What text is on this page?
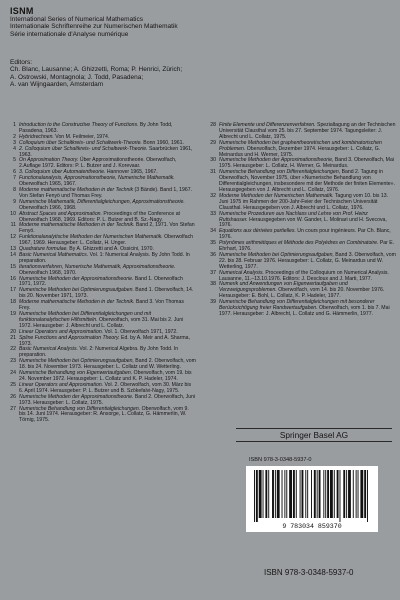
ISNM
International Series of Numerical Mathematics
Internationale Schriftenreihe zur Numerischen Mathematik
Série internationale d'Analyse numérique
Editors:
Ch. Blanc, Lausanne; A. Ghizzetti, Roma; P. Henrici, Zürich;
A. Ostrowski, Montagnola; J. Todd, Pasadena;
A. van Wijngaarden, Amsterdam

1 Introduction to the Constructive Theory of Functions. By John Todd, Pasadena, 1963.

2 Hybridrechnen. Von M. Feilmeier, 1974.

3 Colloquium über Schaltkreis- und Schaltwerk-Theorie. Bonn 1960, 1961.

4 2. Colloquium über Schaltkreis- und Schaltwerk-Theorie. Saarbrücken 1961, 1963.

5 On Approximation Theory. Über Approximationstheorie. Oberwolfach, 2.Auflage 1972. Editors: P. L. Butzer and J. Korevaar.

6 3. Colloquium über Automatentheorie. Hannover 1965, 1967.

7 Functionalanalysis, Approximationstheorie, Numerische Mathematik. Oberwolfach 1965, 1967.

8 Moderne mathematische Methoden in der Technik (3 Bände). Band 1, 1967. Von Stefan Fenyö und Thomas Frey.

9 Numerische Mathematik, Differentialgleichungen, Approximationstheorie. Oberwolfach 1966, 1968.

10 Abstract Spaces and Approximation. Proceedings of the Conference at Oberwolfach 1968, 1969. Editors: P. L. Butzer and B. Sz.-Nagy.

11 Moderne mathematische Methoden in der Technik. Band 2, 1971. Von Stefan Fenyö.

12 Funktionalanalytische Methoden der Numerischen Mathematik. Oberwolfach 1967, 1969. Herausgeber: L. Collatz, H. Unger.

13 Quadrature formulae. By A. Ghizzetti and A. Ossicini, 1970.

14 Basic Numerical Mathematics. Vol. 1: Numerical Analysis. By John Todd. In preparation.

15 Iterationsverfahren, Numerische Mathematik, Approximationstheorie. Oberwolfach 1968, 1970.

16 Numerische Methoden der Approximationstheorie. Band 1. Oberwolfach 1971, 1972.

17 Numerische Methoden bei Optimierungsaufgaben. Band 1. Oberwolfach, 14. bis 20. November 1971, 1973.

18 Moderne mathematische Methoden in der Technik. Band 3. Von Thomas Frey.

19 Numerische Methoden bei Differentialgleichungen und mit funktionalanalytischen Hilfsmitteln. Oberwolfach, vom 31. Mai bis 2. Juni 1972. Herausgeber: J. Albrecht und L. Collatz.

20 Linear Operators and Approximation. Vol. 1. Oberwolfach 1971, 1972.

21 Spline Functions and Approximation Theory. Ed. by A. Meir and A. Sharma, 1973.

22 Basic Numerical Analysis. Vol. 2: Numerical Algebra. By John Todd. In preparation.

23 Numerische Methoden bei Optimierungsaufgaben, Band 2. Oberwolfach, vom 18. bis 24. November 1973. Herausgeber: L. Collatz und W. Wetterling.

24 Numerische Behandlung von Eigenwertaufgaben. Oberwolfach, vom 19. bis 24. November 1972. Herausgeber: L. Collatz und K. P. Hadeler, 1974.

25 Linear Operators and Approximation. Vol. 2. Oberwolfach, vom 30. März bis 6. April 1974. Herausgeber: P. L. Butzer und B. Szökefalvi-Nagy, 1975.

26 Numerische Methoden der Approximationstheorie. Band 2. Oberwolfach, Juni 1973. Herausgeber: L. Collatz, 1975.

27 Numerische Behandlung von Differentialgleichungen. Oberwolfach, vom 9. bis 14. Juni 1974. Herausgeber: R. Ansorge, L. Collatz, G. Hämmerlin, W. Törnig, 1975.

28 Finite Elemente und Differenzenverfahren. Spezialtagung an der Technischen Universität Clausthal vom 25. bis 27. September 1974. Tagungsleiter: J. Albrecht und L. Collatz, 1975.

29 Numerische Methoden bei graphentheoretischen und kombinatorischen Problemen. Oberwolfach, Dezember 1974. Herausgeber: L. Collatz, G. Meinardus und H. Werner, 1975.

30 Numerische Methoden der Approximationstheorie, Band 3. Oberwolfach, Mai 1975. Herausgeber: L. Collatz, H. Werner, G. Meinardus.

31 Numerische Behandlung von Differentialgleichungen, Band 2. Tagung in Oberwolfach, November 1975, über «Numerische Behandlung von Differentialgleichungen, insbesondere mit der Methode der finiten Elemente». Herausgegeben von J. Albrecht und L. Collatz, 1976.

32 Moderne Methoden der Numerischen Mathematik. Tagung vom 10. bis 13. Juni 1975 im Rahmen der 200-Jahr-Feier der Technischen Universität Clausthal. Herausgegeben von J. Albrecht und L. Collatz, 1976.

33 Numerische Prozeduren aus Nachlass und Lehre von Prof. Heinz Rutishauser. Herausgegeben von W. Gander, L. Molinari und H. Svecova, 1976.

34 Equations aux dérivées partielles. Un cours pour ingénieurs. Par Ch. Blanc, 1976.

35 Polynômes arithmétiques et Méthode des Polyèdres en Combinatoire. Par E. Ehrhart, 1976.

36 Numerische Methoden bei Optimierungsaufgaben, Band 3. Oberwolfach, vom 22. bis 28. Februar 1976. Herausgeber: L. Collatz, G. Meinardus und W. Wetterling, 1977.

37 Numerical Analysis. Proceedings of the Colloquium on Numerical Analysis. Lausanne, 11.–13.10.1976. Editors: J. Descloux and J. Marti, 1977.

38 Numerik und Anwendungen von Eigenwertaufgaben und Verzweigungsproblemen. Oberwolfach, vom 14. bis 20. November 1976. Herausgeber: E. Bohl, L. Collatz, K. P. Hadeler, 1977.

39 Numerische Behandlung von Differentialgleichungen mit besonderer Berücksichtigung freier Randwertaufgaben. Oberwolfach, vom 1. bis 7. Mai 1977. Herausgeber: J. Albrecht, L. Collatz und G. Hämmerlin, 1977.

Springer Basel AG
ISBN 978-3-0348-5937-0
9 783034 859370
ISBN 978-3-0348-5937-0
